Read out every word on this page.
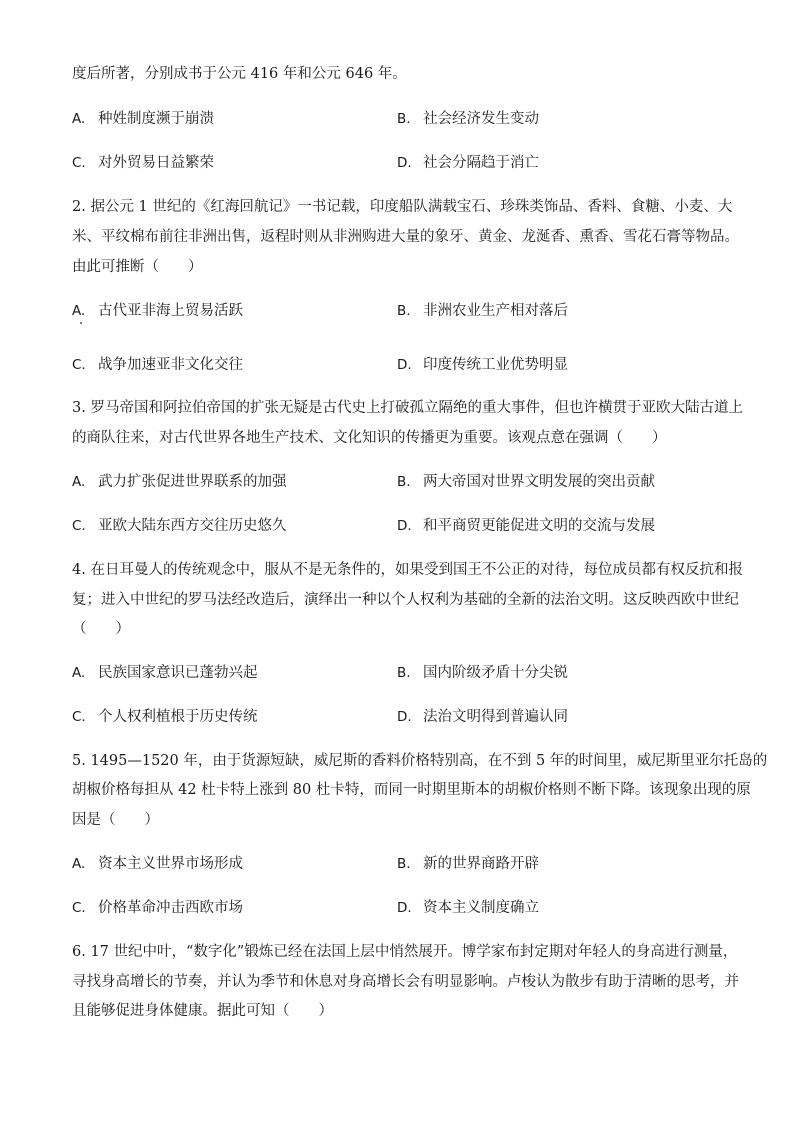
度后所著，分别成书于公元 416 年和公元 646 年。
A. 种姓制度濒于崩溃	B. 社会经济发生变动
C. 对外贸易日益繁荣	D. 社会分隔趋于消亡
2. 据公元 1 世纪的《红海回航记》一书记载，印度船队满载宝石、珍珠类饰品、香料、食糖、小麦、大
米、平纹棉布前往非洲出售，返程时则从非洲购进大量的象牙、黄金、龙涎香、熏香、雪花石膏等物品。
由此可推断（　　）
A. 古代亚非海上贸易活跃	B. 非洲农业生产相对落后
C. 战争加速亚非文化交往	D. 印度传统工业优势明显
3. 罗马帝国和阿拉伯帝国的扩张无疑是古代史上打破孤立隔绝的重大事件，但也许横贯于亚欧大陆古道上
的商队往来，对古代世界各地生产技术、文化知识的传播更为重要。该观点意在强调（　　）
A. 武力扩张促进世界联系的加强	B. 两大帝国对世界文明发展的突出贡献
C. 亚欧大陆东西方交往历史悠久	D. 和平商贸更能促进文明的交流与发展
4. 在日耳曼人的传统观念中，服从不是无条件的，如果受到国王不公正的对待，每位成员都有权反抗和报
复；进入中世纪的罗马法经改造后，演绎出一种以个人权利为基础的全新的法治文明。这反映西欧中世纪
（　　）
A. 民族国家意识已蓬勃兴起	B. 国内阶级矛盾十分尖锐
C. 个人权利植根于历史传统	D. 法治文明得到普遍认同
5. 1495—1520 年，由于货源短缺，威尼斯的香料价格特别高，在不到 5 年的时间里，威尼斯里亚尔托岛的
胡椒价格每担从 42 杜卡特上涨到 80 杜卡特，而同一时期里斯本的胡椒价格则不断下降。该现象出现的原
因是（　　）
A. 资本主义世界市场形成	B. 新的世界商路开辟
C. 价格革命冲击西欧市场	D. 资本主义制度确立
6. 17 世纪中叶，“数字化”锻炼已经在法国上层中悄然展开。博学家布封定期对年轻人的身高进行测量，
寻找身高增长的节奏，并认为季节和休息对身高增长会有明显影响。卢梭认为散步有助于清晰的思考，并
且能够促进身体健康。据此可知（　　）
